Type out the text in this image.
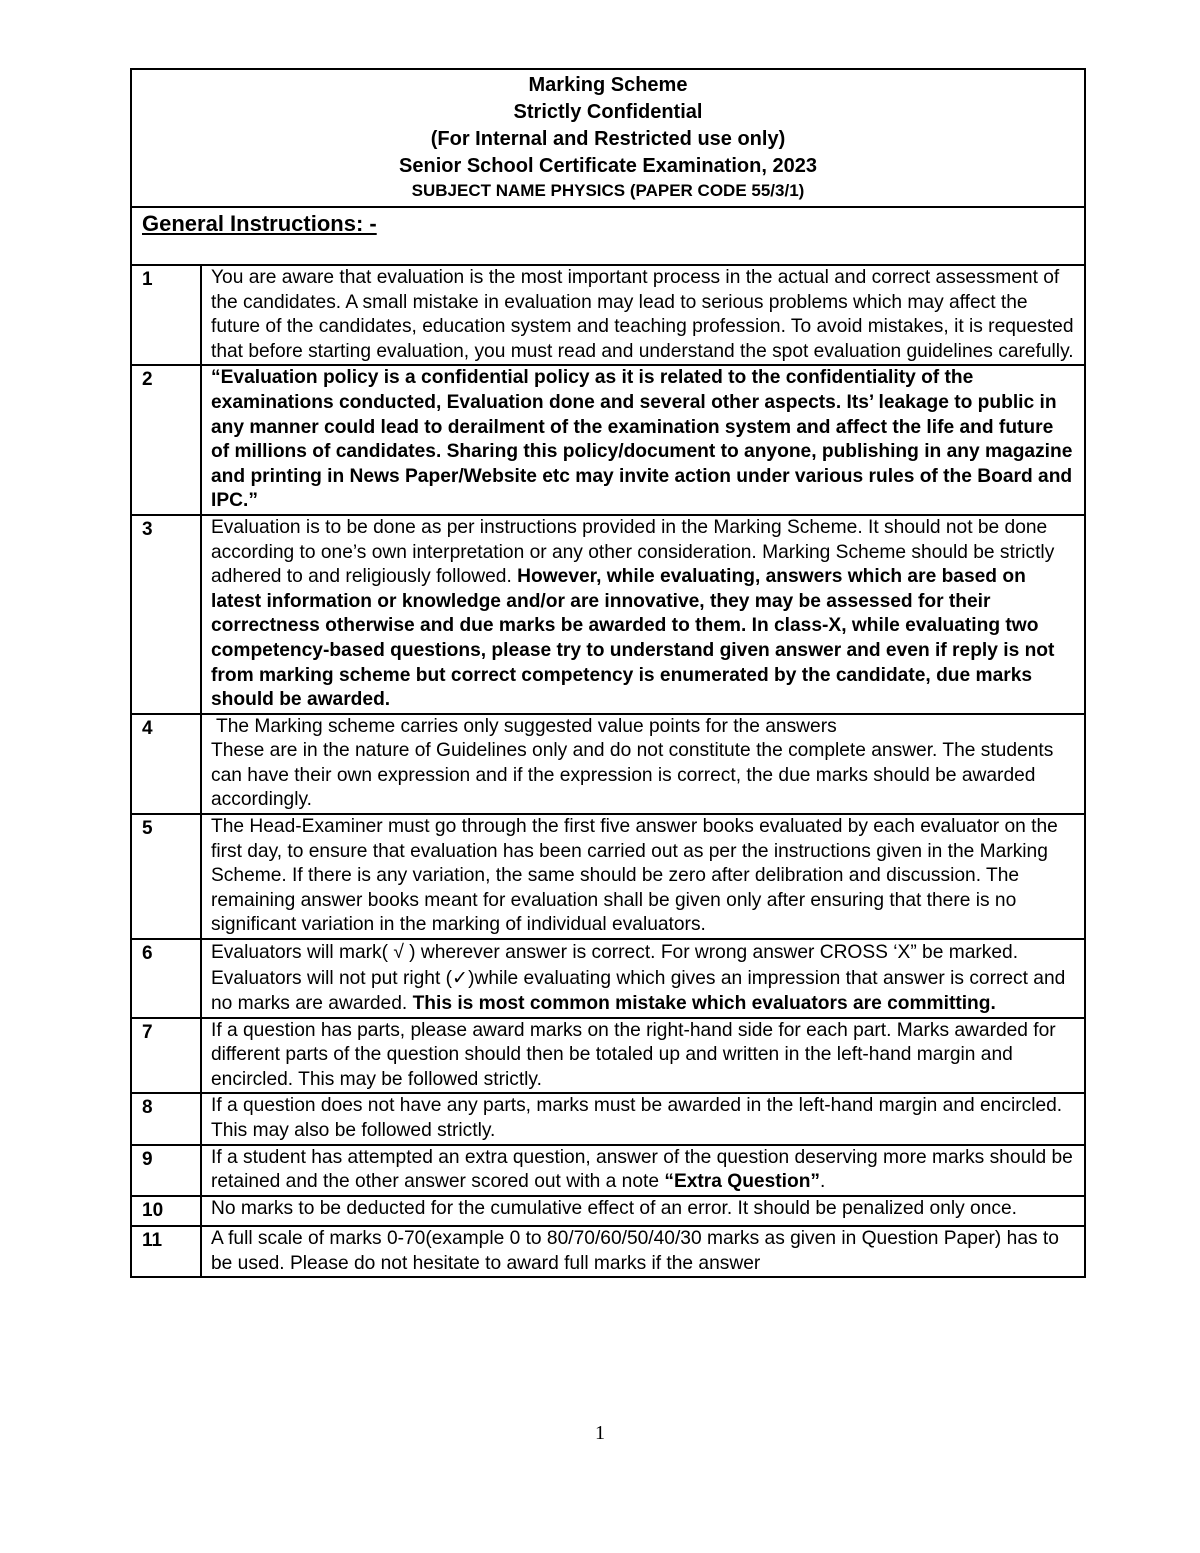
Marking Scheme
Strictly Confidential
(For Internal and Restricted use only)
Senior School Certificate Examination, 2023
SUBJECT NAME PHYSICS (PAPER CODE 55/3/1)
General Instructions: -
1	You are aware that evaluation is the most important process in the actual and correct assessment of the candidates. A small mistake in evaluation may lead to serious problems which may affect the future of the candidates, education system and teaching profession. To avoid mistakes, it is requested that before starting evaluation, you must read and understand the spot evaluation guidelines carefully.
2	“Evaluation policy is a confidential policy as it is related to the confidentiality of the examinations conducted, Evaluation done and several other aspects. Its’ leakage to public in any manner could lead to derailment of the examination system and affect the life and future of millions of candidates. Sharing this policy/document to anyone, publishing in any magazine and printing in News Paper/Website etc may invite action under various rules of the Board and IPC.”
3	Evaluation is to be done as per instructions provided in the Marking Scheme. It should not be done according to one’s own interpretation or any other consideration. Marking Scheme should be strictly adhered to and religiously followed. However, while evaluating, answers which are based on latest information or knowledge and/or are innovative, they may be assessed for their correctness otherwise and due marks be awarded to them. In class-X, while evaluating two competency-based questions, please try to understand given answer and even if reply is not from marking scheme but correct competency is enumerated by the candidate, due marks should be awarded.
4	The Marking scheme carries only suggested value points for the answers
These are in the nature of Guidelines only and do not constitute the complete answer. The students can have their own expression and if the expression is correct, the due marks should be awarded accordingly.
5	The Head-Examiner must go through the first five answer books evaluated by each evaluator on the first day, to ensure that evaluation has been carried out as per the instructions given in the Marking Scheme. If there is any variation, the same should be zero after delibration and discussion. The remaining answer books meant for evaluation shall be given only after ensuring that there is no significant variation in the marking of individual evaluators.
6	Evaluators will mark( √ ) wherever answer is correct. For wrong answer CROSS ‘X” be marked. Evaluators will not put right (✓)while evaluating which gives an impression that answer is correct and no marks are awarded. This is most common mistake which evaluators are committing.
7	If a question has parts, please award marks on the right-hand side for each part. Marks awarded for different parts of the question should then be totaled up and written in the left-hand margin and encircled. This may be followed strictly.
8	If a question does not have any parts, marks must be awarded in the left-hand margin and encircled. This may also be followed strictly.
9	If a student has attempted an extra question, answer of the question deserving more marks should be retained and the other answer scored out with a note “Extra Question”.
10	No marks to be deducted for the cumulative effect of an error. It should be penalized only once.
11	A full scale of marks 0-70(example 0 to 80/70/60/50/40/30 marks as given in Question Paper) has to be used. Please do not hesitate to award full marks if the answer
1
